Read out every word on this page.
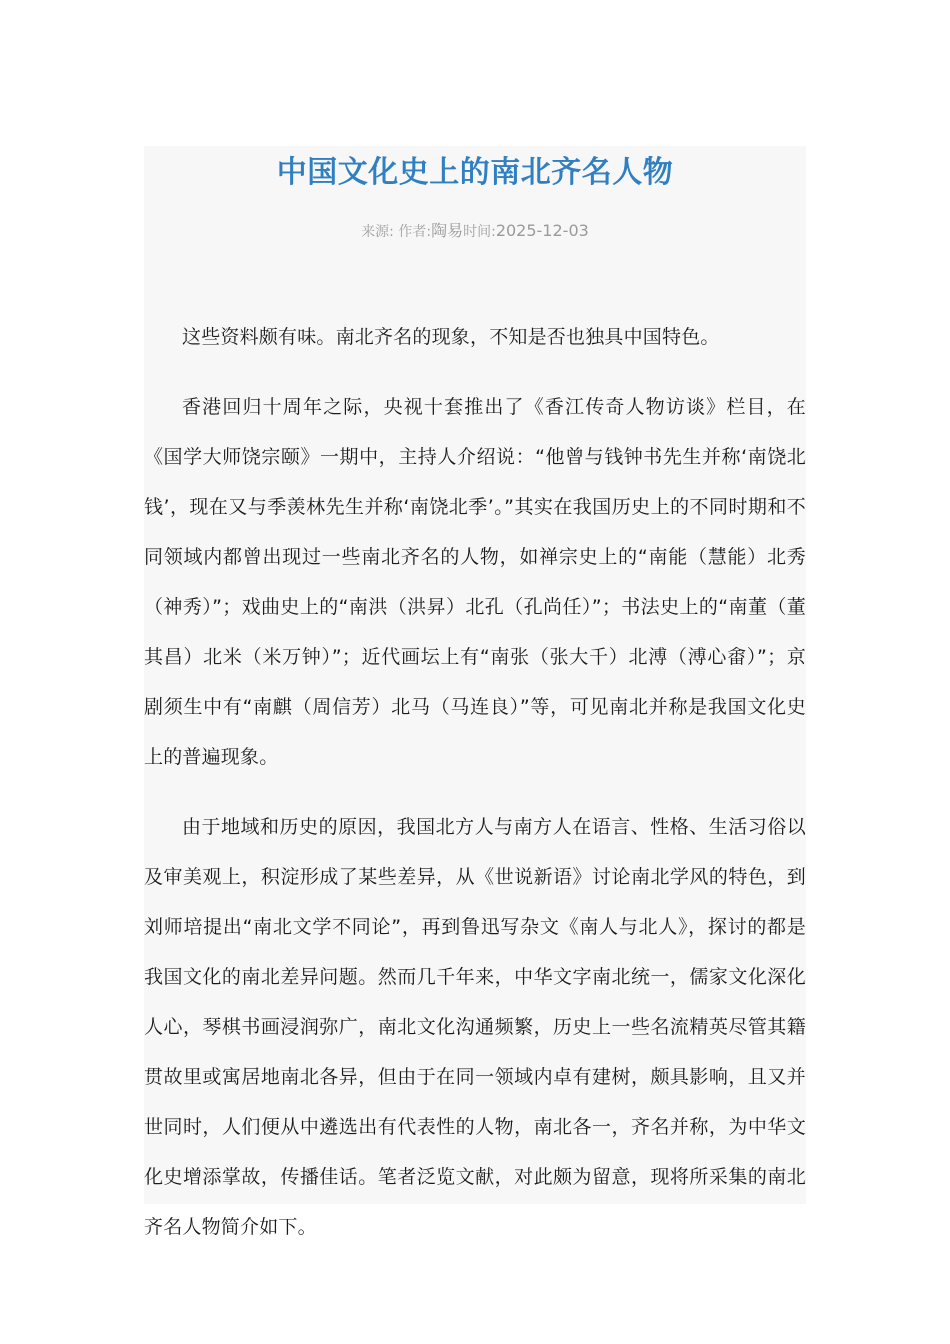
中国文化史上的南北齐名人物
来源: 作者:陶易时间:2025-12-03

这些资料颇有味。南北齐名的现象，不知是否也独具中国特色。

香港回归十周年之际，央视十套推出了《香江传奇人物访谈》栏目，在《国学大师饶宗颐》一期中，主持人介绍说：“他曾与钱钟书先生并称‘南饶北钱’，现在又与季羡林先生并称‘南饶北季’。”其实在我国历史上的不同时期和不同领域内都曾出现过一些南北齐名的人物，如禅宗史上的“南能（慧能）北秀（神秀）”；戏曲史上的“南洪（洪昇）北孔（孔尚任）”；书法史上的“南董（董其昌）北米（米万钟）”；近代画坛上有“南张（张大千）北溥（溥心畬）”；京剧须生中有“南麒（周信芳）北马（马连良）”等，可见南北并称是我国文化史上的普遍现象。

由于地域和历史的原因，我国北方人与南方人在语言、性格、生活习俗以及审美观上，积淀形成了某些差异，从《世说新语》讨论南北学风的特色，到刘师培提出“南北文学不同论”，再到鲁迅写杂文《南人与北人》，探讨的都是我国文化的南北差异问题。然而几千年来，中华文字南北统一，儒家文化深化人心，琴棋书画浸润弥广，南北文化沟通频繁，历史上一些名流精英尽管其籍贯故里或寓居地南北各异，但由于在同一领域内卓有建树，颇具影响，且又并世同时，人们便从中遴选出有代表性的人物，南北各一，齐名并称，为中华文化史增添掌故，传播佳话。笔者泛览文献，对此颇为留意，现将所采集的南北齐名人物简介如下。
